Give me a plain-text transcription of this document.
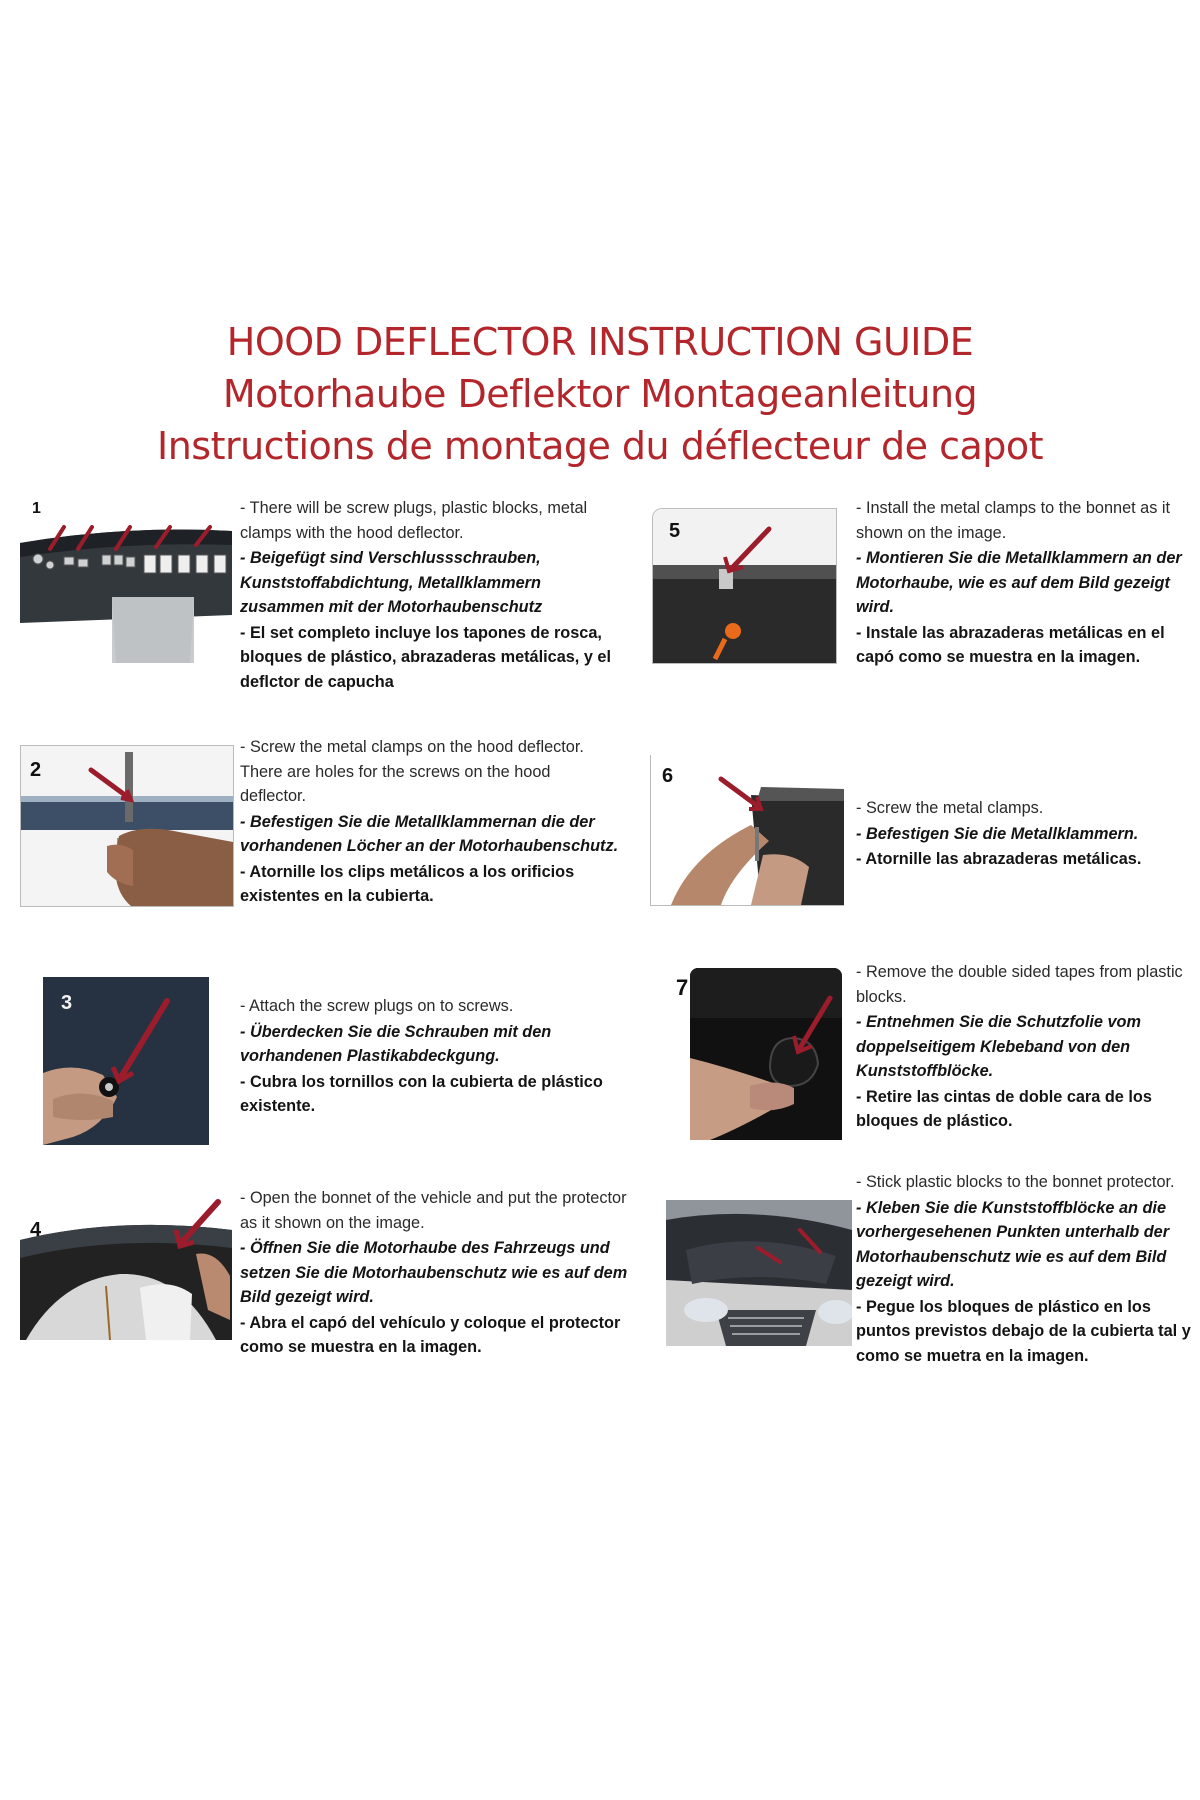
HOOD DEFLECTOR INSTRUCTION GUIDE
Motorhaube Deflektor Montageanleitung
Instructions de montage du déflecteur de capot
1	- There will be screw plugs, plastic blocks, metal clamps with the hood deflector.

- Beigefügt sind Verschlussschrauben, Kunststoffabdichtung, Metallklammern zusammen mit der Motorhaubenschutz

- El set completo incluye los tapones de rosca, bloques de plástico, abrazaderas metálicas, y el deflctor de capucha

2

- Screw the metal clamps on the hood deflector. There are holes for the screws on the hood deflector.

- Befestigen Sie die Metallklammernan die der vorhandenen Löcher an der Motorhaubenschutz.

- Atornille los clips metálicos a los orificios existentes en la cubierta.

3	- Attach the screw plugs on to screws.

- Überdecken Sie die Schrauben mit den vorhandenen Plastikabdeckgung.

- Cubra los tornillos con la cubierta de plástico existente.

4

- Open the bonnet of the vehicle and put the protector as it shown on the image.

- Öffnen Sie die Motorhaube des Fahrzeugs und setzen Sie die Motorhaubenschutz wie es auf dem Bild gezeigt wird.

- Abra el capó del vehículo y coloque el protector como se muestra en la imagen.

5

- Install the metal clamps to the bonnet as it shown on the image.

- Montieren Sie die Metallklammern an der Motorhaube, wie es auf dem Bild gezeigt wird.

- Instale las abrazaderas metálicas en el capó como se muestra en la imagen.

6

- Screw the metal clamps.

- Befestigen Sie die Metallklammern.

- Atornille las abrazaderas metálicas.

7

- Remove the double sided tapes from plastic blocks.

- Entnehmen Sie die Schutzfolie vom doppelseitigem Klebeband von den Kunststoffblöcke.

- Retire las cintas de doble cara de los bloques de plástico.

- Stick plastic blocks to the bonnet protector.

- Kleben Sie die Kunststoffblöcke an die vorhergesehenen Punkten unterhalb der Motorhaubenschutz wie es auf dem Bild gezeigt wird.

- Pegue los bloques de plástico en los puntos previstos debajo de la cubierta tal y como se muetra en la imagen.
